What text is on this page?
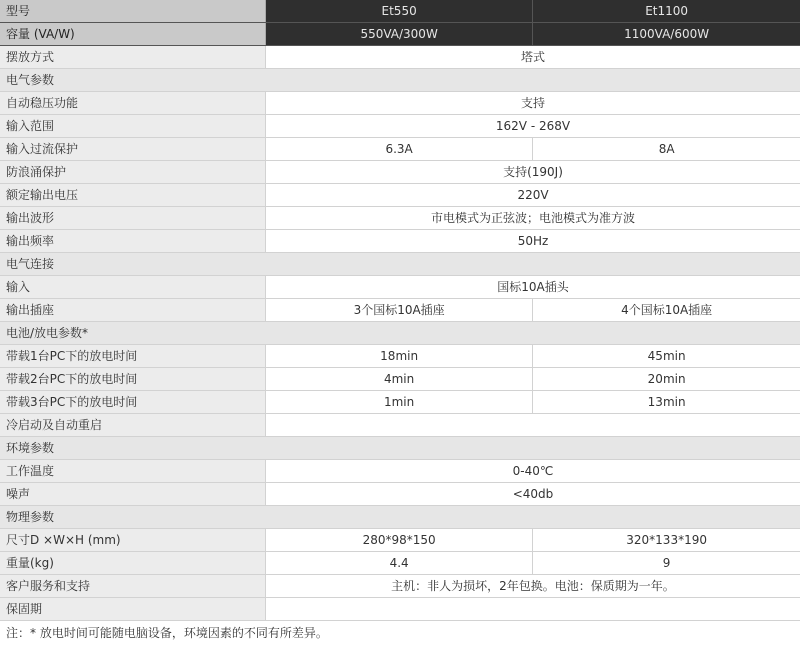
型号	Et550	Et1100
容量 (VA/W)	550VA/300W	1100VA/600W
摆放方式	塔式	
电气参数		
自动稳压功能	支持	
输入范围	162V - 268V	
输入过流保护	6.3A	8A
防浪涌保护	支持(190J)	
额定输出电压	220V	
输出波形	市电模式为正弦波；电池模式为准方波	
输出频率	50Hz	
电气连接		
输入	国标10A插头	
输出插座	3个国标10A插座	4个国标10A插座
电池/放电参数*		
带载1台PC下的放电时间	18min	45min
带载2台PC下的放电时间	4min	20min
带载3台PC下的放电时间	1min	13min
冷启动及自动重启		
环境参数		
工作温度	0-40℃	
噪声	<40db	
物理参数		
尺寸D ×W×H (mm)	280*98*150	320*133*190
重量(kg)	4.4	9
客户服务和支持	主机：非人为损坏，2年包换。电池：保质期为一年。	
保固期		
注：* 放电时间可能随电脑设备，环境因素的不同有所差异。
